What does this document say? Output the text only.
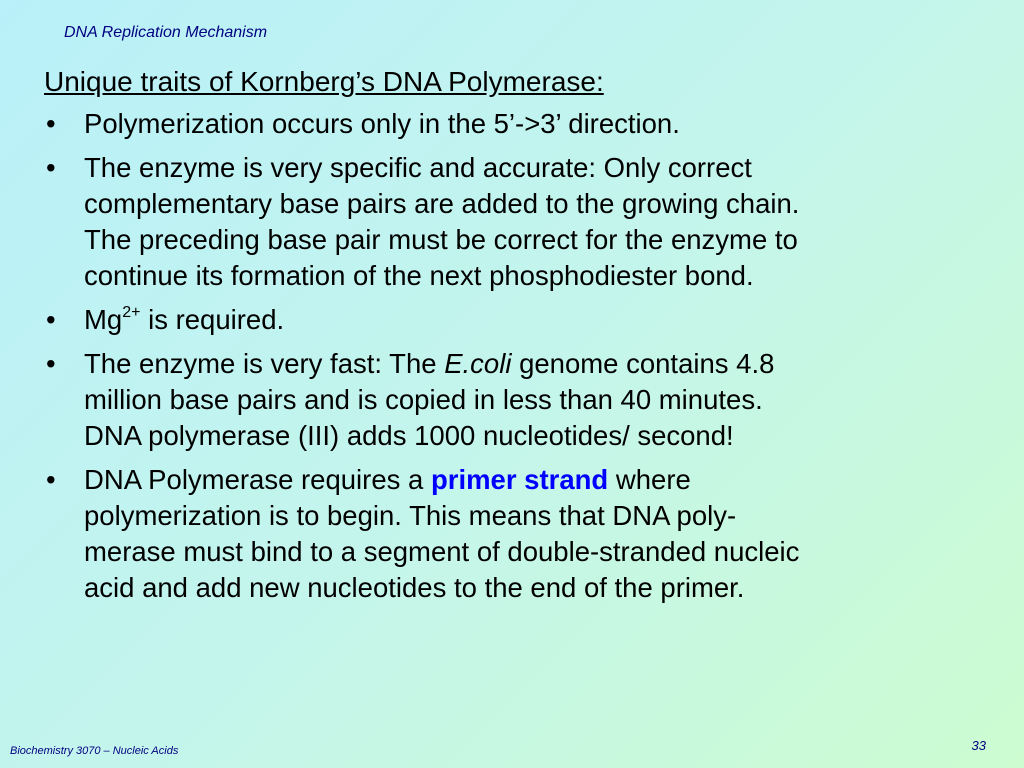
DNA Replication Mechanism
Unique traits of Kornberg’s DNA Polymerase:
• Polymerization occurs only in the 5’->3’ direction.
• The enzyme is very specific and accurate: Only correct
complementary base pairs are added to the growing chain.
The preceding base pair must be correct for the enzyme to
continue its formation of the next phosphodiester bond.
• $Mg^{2+}$ is required.
• The enzyme is very fast: The E.coli genome contains 4.8
million base pairs and is copied in less than 40 minutes.
DNA polymerase (III) adds 1000 nucleotides/ second!
• DNA Polymerase requires a primer strand where
polymerization is to begin. This means that DNA poly-
merase must bind to a segment of double-stranded nucleic
acid and add new nucleotides to the end of the primer.
Biochemistry 3070 – Nucleic Acids	33
